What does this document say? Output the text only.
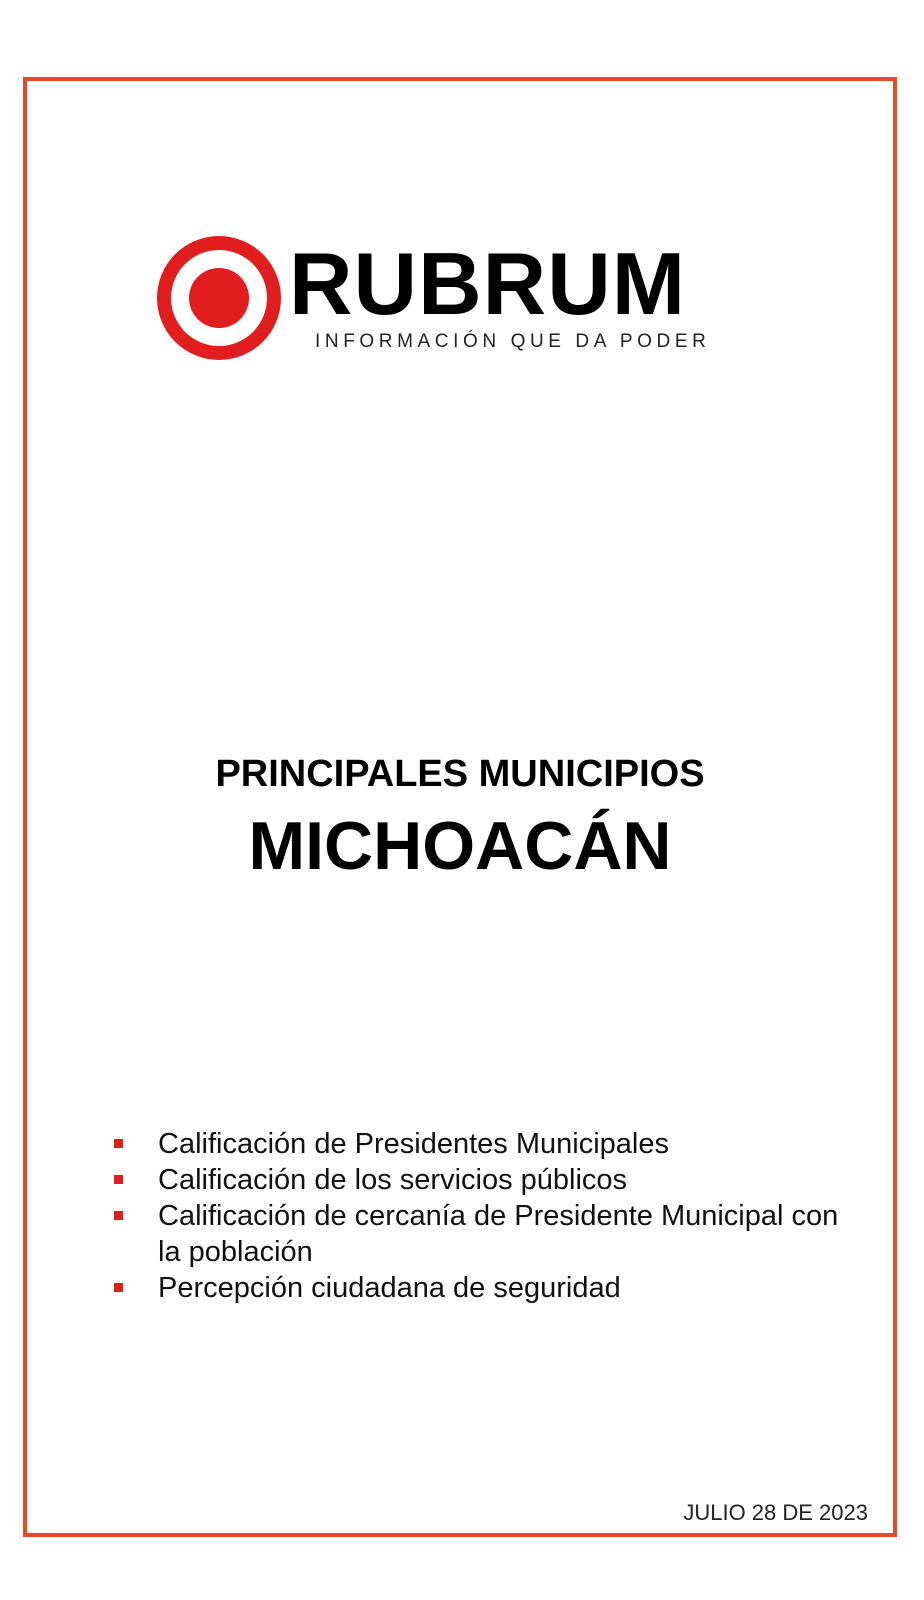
RUBRUM
INFORMACIÓN QUE DA PODER
PRINCIPALES MUNICIPIOS
MICHOACÁN
Calificación de Presidentes Municipales
Calificación de los servicios públicos
Calificación de cercanía de Presidente Municipal con la población
Percepción ciudadana de seguridad
JULIO 28 DE 2023
